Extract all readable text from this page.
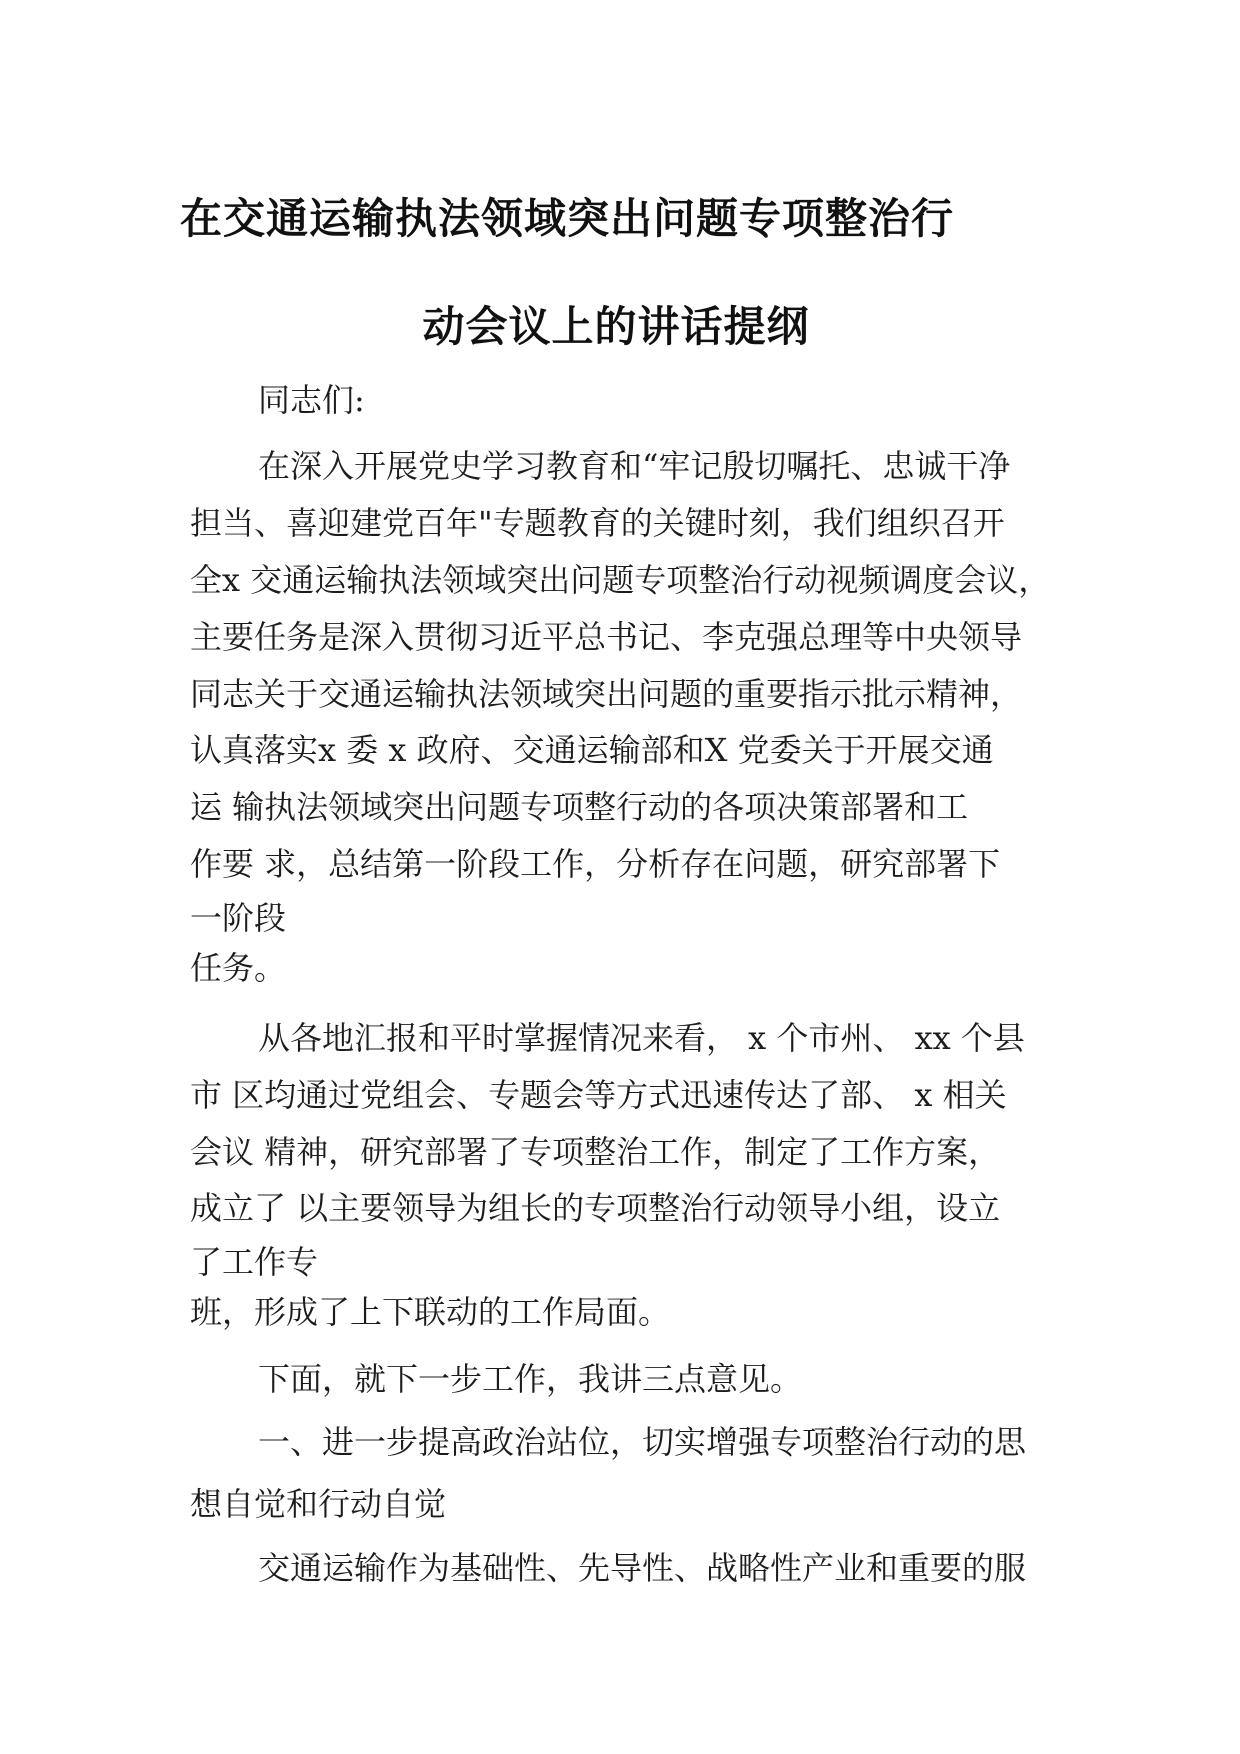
在交通运输执法领域突出问题专项整治行
动会议上的讲话提纲
同志们:
在深入开展党史学习教育和“牢记殷切嘱托、忠诚干净
担当、喜迎建党百年"专题教育的关键时刻，我们组织召开
全x 交通运输执法领域突出问题专项整治行动视频调度会议，
主要任务是深入贯彻习近平总书记、李克强总理等中央领导
同志关于交通运输执法领域突出问题的重要指示批示精神，
认真落实x 委 x 政府、交通运输部和X 党委关于开展交通
运 输执法领域突出问题专项整行动的各项决策部署和工
作要 求，总结第一阶段工作，分析存在问题，研究部署下
一阶段
任务。
从各地汇报和平时掌握情况来看， x 个市州、 xx 个县
市 区均通过党组会、专题会等方式迅速传达了部、 x 相关
会议 精神，研究部署了专项整治工作，制定了工作方案，
成立了 以主要领导为组长的专项整治行动领导小组，设立
了工作专
班，形成了上下联动的工作局面。
下面，就下一步工作，我讲三点意见。
一、进一步提高政治站位，切实增强专项整治行动的思
想自觉和行动自觉
交通运输作为基础性、先导性、战略性产业和重要的服
